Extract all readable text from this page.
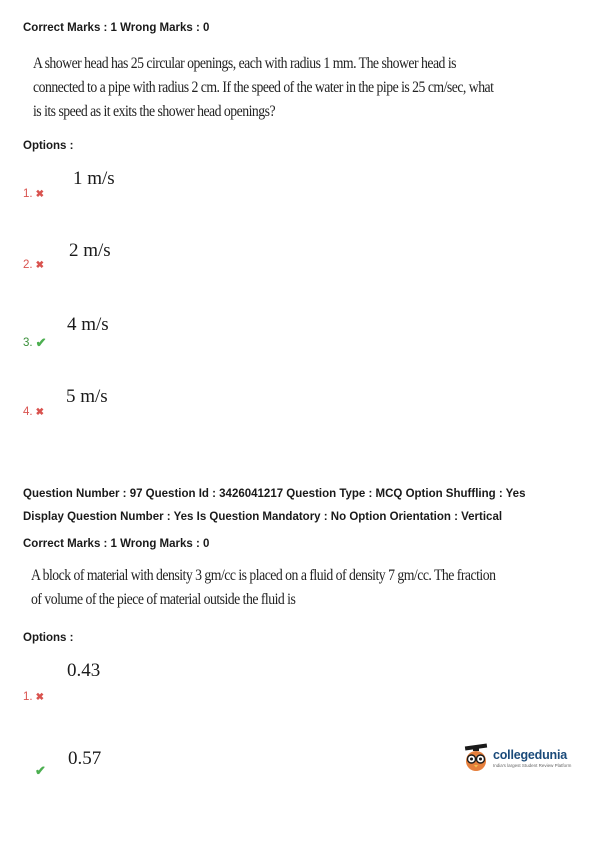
Correct Marks : 1 Wrong Marks : 0
A shower head has 25 circular openings, each with radius 1 mm. The shower head is
connected to a pipe with radius 2 cm. If the speed of the water in the pipe is 25 cm/sec, what
is its speed as it exits the shower head openings?
Options :
1 m/s
1. ✖
2 m/s
2. ✖
4 m/s
3. ✔
5 m/s
4. ✖
Question Number : 97 Question Id : 3426041217 Question Type : MCQ Option Shuffling : Yes
Display Question Number : Yes Is Question Mandatory : No Option Orientation : Vertical
Correct Marks : 1 Wrong Marks : 0
A block of material with density 3 gm/cc is placed on a fluid of density 7 gm/cc. The fraction
of volume of the piece of material outside the fluid is
Options :
0.43
1. ✖
0.57
✔
collegedunia
India's largest Student Review Platform
